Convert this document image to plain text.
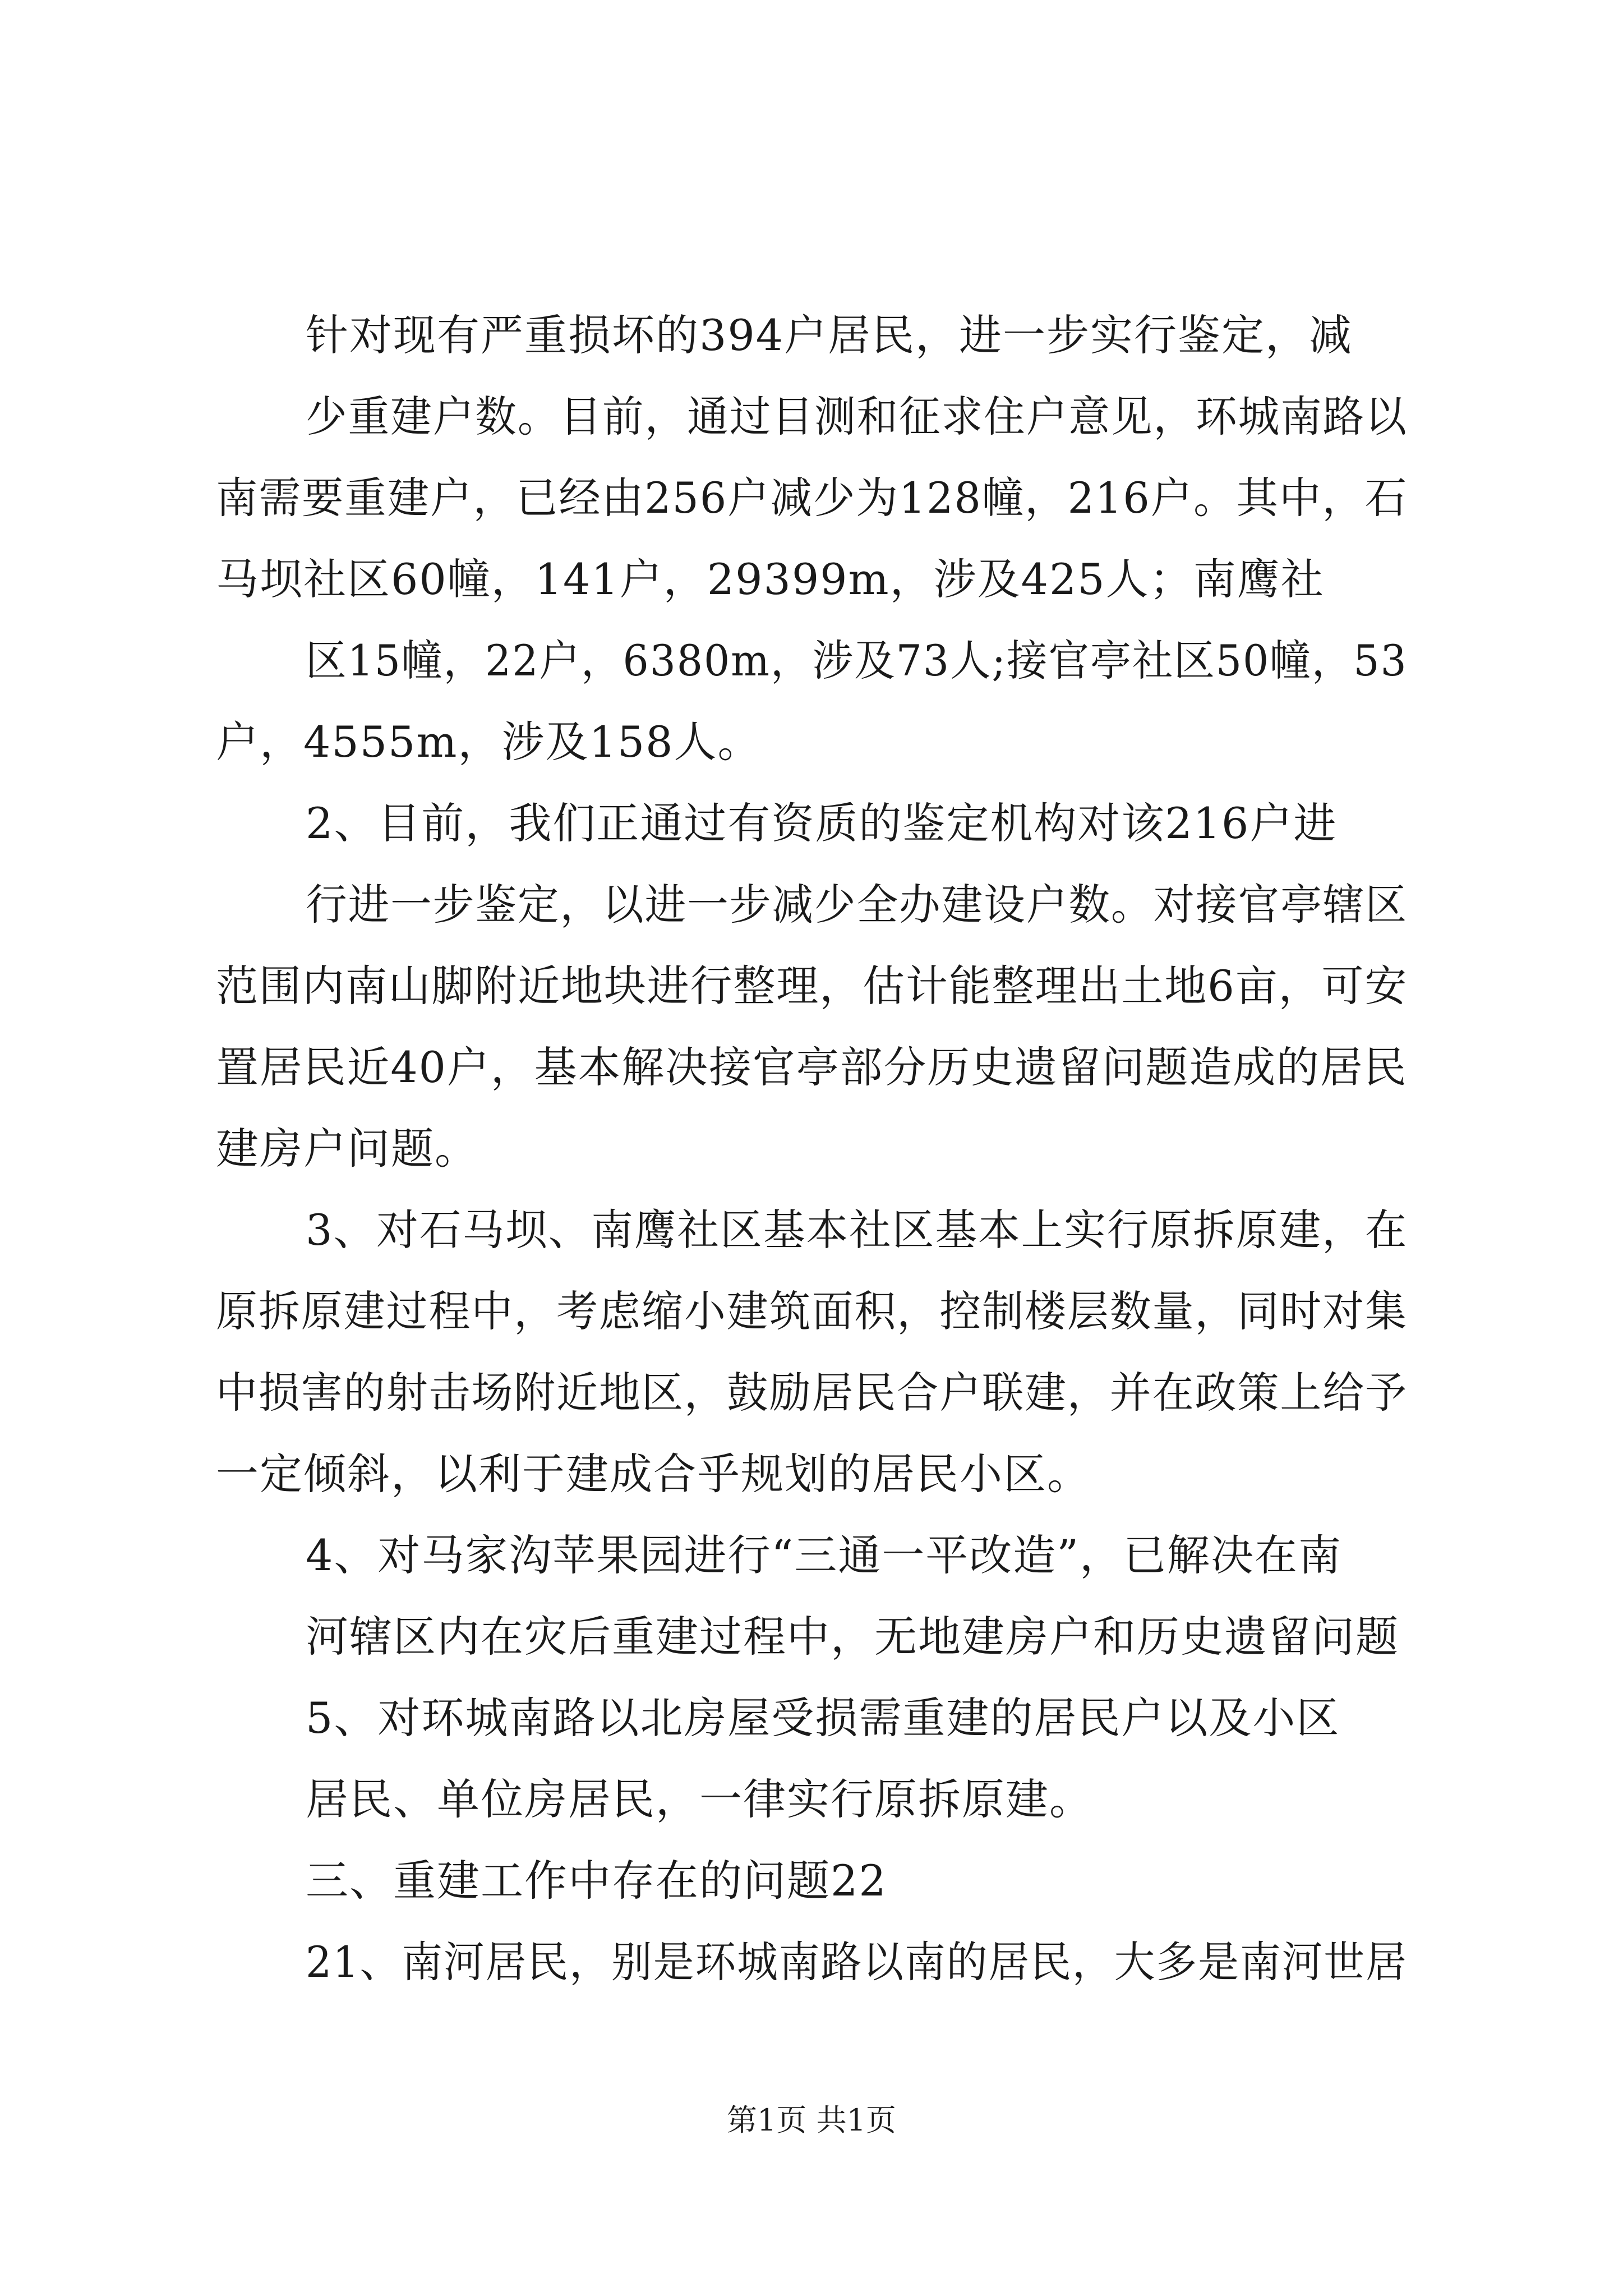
针对现有严重损坏的394户居民，进一步实行鉴定，减
少重建户数。目前，通过目测和征求住户意见，环城南路以
南需要重建户，已经由256户减少为128幢，216户。其中，石
马坝社区60幢，141户，29399m，涉及425人；南鹰社
区15幢，22户，6380m，涉及73人;接官亭社区50幢，53
户，4555m，涉及158人。
2、目前，我们正通过有资质的鉴定机构对该216户进
行进一步鉴定，以进一步减少全办建设户数。对接官亭辖区
范围内南山脚附近地块进行整理，估计能整理出土地6亩，可安
置居民近40户，基本解决接官亭部分历史遗留问题造成的居民
建房户问题。
3、对石马坝、南鹰社区基本社区基本上实行原拆原建，在
原拆原建过程中，考虑缩小建筑面积，控制楼层数量，同时对集
中损害的射击场附近地区，鼓励居民合户联建，并在政策上给予
一定倾斜，以利于建成合乎规划的居民小区。
4、对马家沟苹果园进行“三通一平改造”，已解决在南
河辖区内在灾后重建过程中，无地建房户和历史遗留问题
5、对环城南路以北房屋受损需重建的居民户以及小区
居民、单位房居民，一律实行原拆原建。
三、重建工作中存在的问题22
21、南河居民，别是环城南路以南的居民，大多是南河世居
第1页 共1页
